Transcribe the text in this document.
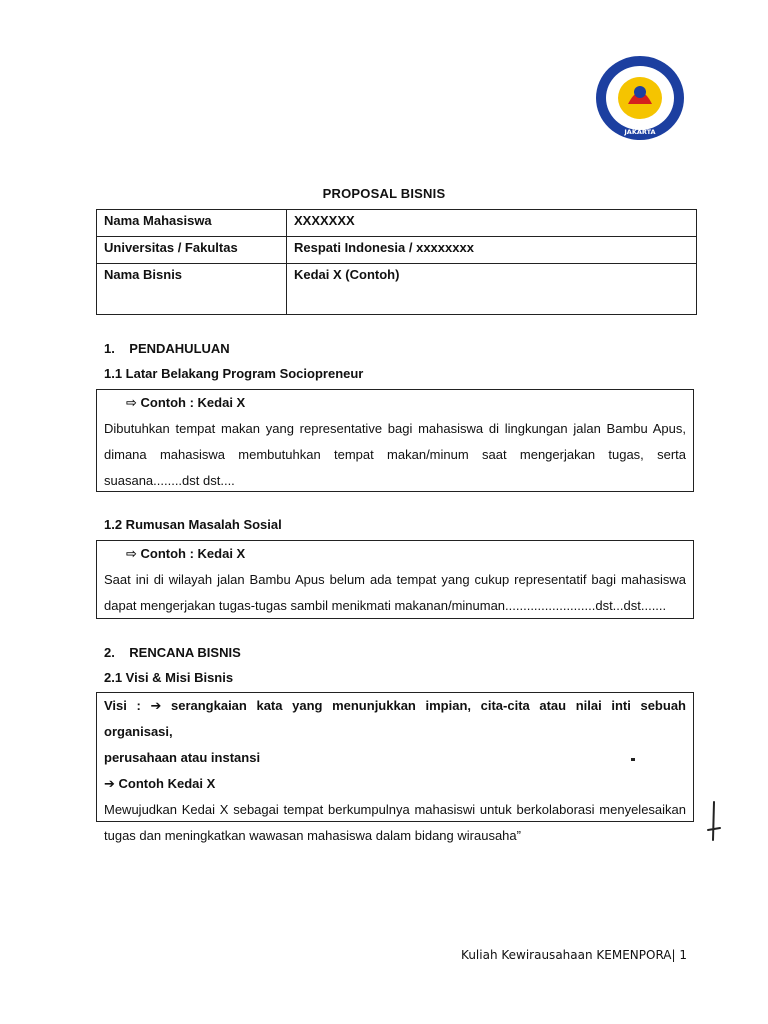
JAKARTA
PROPOSAL BISNIS
Nama Mahasiswa	XXXXXXX
Universitas / Fakultas	Respati Indonesia / xxxxxxxx
Nama Bisnis	Kedai X (Contoh)
1.    PENDAHULUAN
1.1 Latar Belakang Program Sociopreneur
⇨ Contoh : Kedai X

Dibutuhkan tempat makan yang representative bagi mahasiswa di lingkungan jalan Bambu Apus,

dimana mahasiswa membutuhkan tempat makan/minum saat mengerjakan tugas, serta

suasana........dst dst....

1.2 Rumusan Masalah Sosial
⇨ Contoh : Kedai X

Saat ini di wilayah jalan Bambu Apus belum ada tempat yang cukup representatif bagi mahasiswa

dapat mengerjakan tugas-tugas sambil menikmati makanan/minuman.........................dst...dst.......

2.    RENCANA BISNIS
2.1 Visi & Misi Bisnis

Visi : ➔ serangkaian kata yang menunjukkan impian, cita-cita atau nilai inti sebuah organisasi,

perusahaan atau instansi

➔ Contoh Kedai X

Mewujudkan Kedai X sebagai tempat berkumpulnya mahasiswi untuk berkolaborasi menyelesaikan

tugas dan meningkatkan wawasan mahasiswa dalam bidang wirausaha”

Kuliah Kewirausahaan KEMENPORA| 1
